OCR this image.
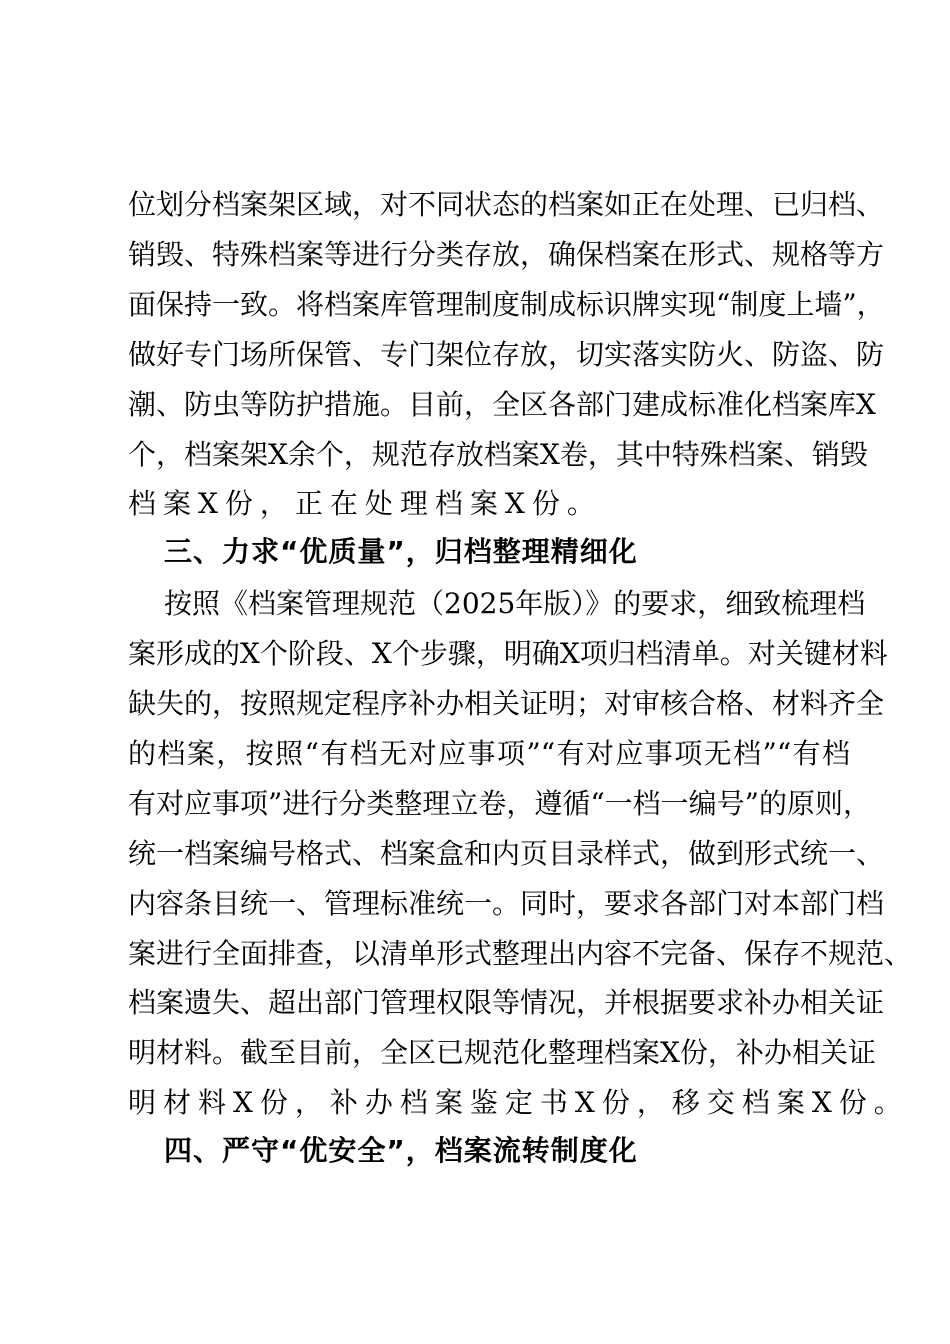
位划分档案架区域，对不同状态的档案如正在处理、已归档、
销毁、特殊档案等进行分类存放，确保档案在形式、规格等方
面保持一致。将档案库管理制度制成标识牌实现“制度上墙”，
做好专门场所保管、专门架位存放，切实落实防火、防盗、防
潮、防虫等防护措施。目前，全区各部门建成标准化档案库X
个，档案架X余个，规范存放档案X卷，其中特殊档案、销毁
档案X份，正在处理档案X份。
三、力求“优质量”，归档整理精细化
按照《档案管理规范（2025年版）》的要求，细致梳理档
案形成的X个阶段、X个步骤，明确X项归档清单。对关键材料
缺失的，按照规定程序补办相关证明；对审核合格、材料齐全
的档案，按照“有档无对应事项”“有对应事项无档”“有档
有对应事项”进行分类整理立卷，遵循“一档一编号”的原则，
统一档案编号格式、档案盒和内页目录样式，做到形式统一、
内容条目统一、管理标准统一。同时，要求各部门对本部门档
案进行全面排查，以清单形式整理出内容不完备、保存不规范、
档案遗失、超出部门管理权限等情况，并根据要求补办相关证
明材料。截至目前，全区已规范化整理档案X份，补办相关证
明材料X份，补办档案鉴定书X份，移交档案X份。
四、严守“优安全”，档案流转制度化
